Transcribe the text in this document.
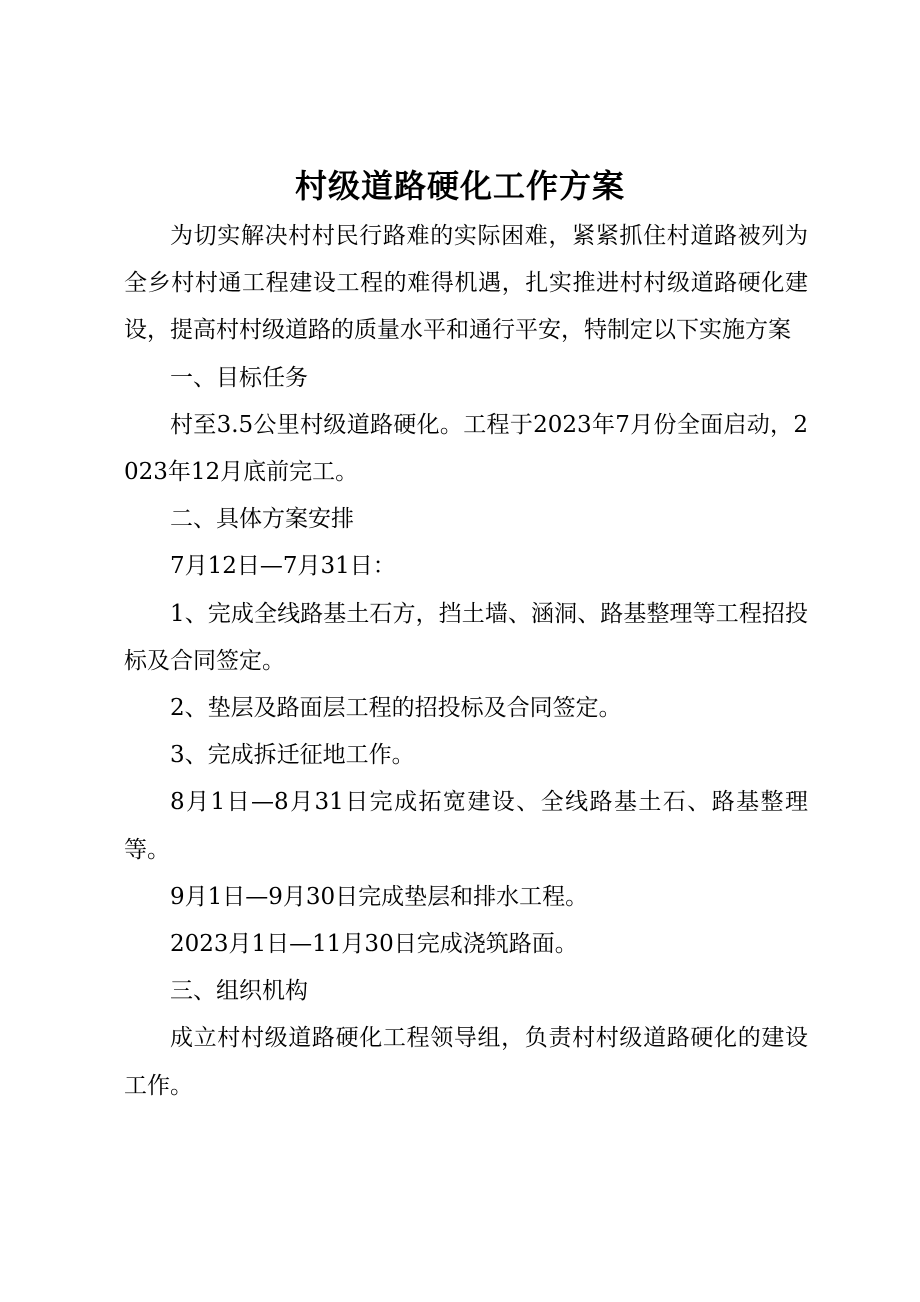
村级道路硬化工作方案

为切实解决村村民行路难的实际困难，紧紧抓住村道路被列为全乡村村通工程建设工程的难得机遇，扎实推进村村级道路硬化建设，提高村村级道路的质量水平和通行平安，特制定以下实施方案

一、目标任务

村至3.5公里村级道路硬化。工程于2023年7月份全面启动，2023年12月底前完工。

二、具体方案安排

7月12日—7月31日：

1、完成全线路基土石方，挡土墙、涵洞、路基整理等工程招投标及合同签定。

2、垫层及路面层工程的招投标及合同签定。

3、完成拆迁征地工作。

8月1日—8月31日完成拓宽建设、全线路基土石、路基整理等。

9月1日—9月30日完成垫层和排水工程。

2023月1日—11月30日完成浇筑路面。

三、组织机构

成立村村级道路硬化工程领导组，负责村村级道路硬化的建设工作。
